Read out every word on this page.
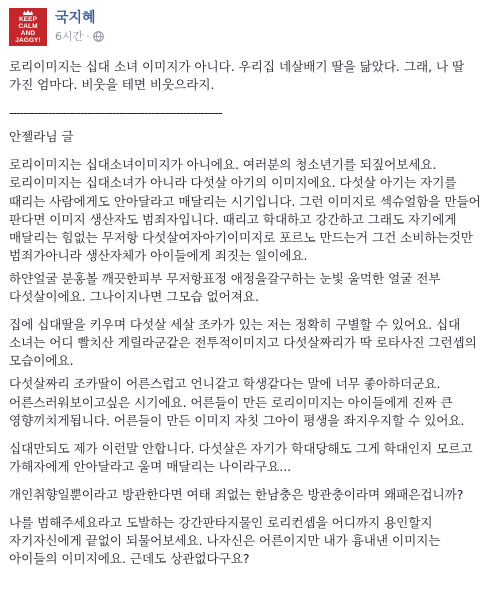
KEEP
CALM
AND
JAGGY!
국지혜
6시간 ·

로리이미지는 십대 소녀 이미지가 아니다. 우리집 네살배기 딸을 닮았다. 그래, 나 딸 가진 엄마다. 비웃을 테면 비웃으라지.

------------------------------------------------------------

안젤라님 글

로리이미지는 십대소녀이미지가 아니에요. 여러분의 청소년기를 되짚어보세요. 로리이미지는 십대소녀가 아니라 다섯살 아기의 이미지에요. 다섯살 아기는 자기를 때리는 사람에게도 안아달라고 매달리는 시기입니다. 그런 이미지로 섹슈얼함을 만들어 판다면 이미지 생산자도 범죄자입니다. 때리고 학대하고 강간하고 그래도 자기에게 매달리는 힘없는 무저항 다섯살여자아기이미지로 포르노 만드는거 그건 소비하는것만 범죄가아니라 생산자체가 아이들에게 죄짓는 일이에요.

하얀얼굴 분홍볼 깨끗한피부 무저항표정 애정을갈구하는 눈빛 울먹한 얼굴 전부 다섯살이에요. 그나이지나면 그모습 없어져요.

집에 십대딸을 키우며 다섯살 세살 조카가 있는 저는 정확히 구별할 수 있어요. 십대 소녀는 어디 빨치산 게릴라군같은 전투적이미지고 다섯살짜리가 딱 로타사진 그런셉의 모습이에요.

다섯살짜리 조카딸이 어른스럽고 언니같고 학생같다는 말에 너무 좋아하더군요. 어른스러워보이고싶은 시기에요. 어른들이 만든 로리이미지는 아이들에게 진짜 큰 영향끼치게됩니다. 어른들이 만든 이미지 자칫 그아이 평생을 좌지우지할 수 있어요.

십대만되도 제가 이런말 안합니다. 다섯살은 자기가 학대당해도 그게 학대인지 모르고 가해자에게 안아달라고 울며 매달리는 나이라구요...

개인취향일뿐이라고 방관한다면 여태 죄없는 한남충은 방관충이라며 왜패은겁니까?

나를 범해주세요라고 도발하는 강간판타지물인 로리컨셉을 어디까지 용인할지 자기자신에게 끝없이 되물어보세요. 나자신은 어른이지만 내가 흉내낸 이미지는 아이들의 이미지에요. 근데도 상관없다구요?
